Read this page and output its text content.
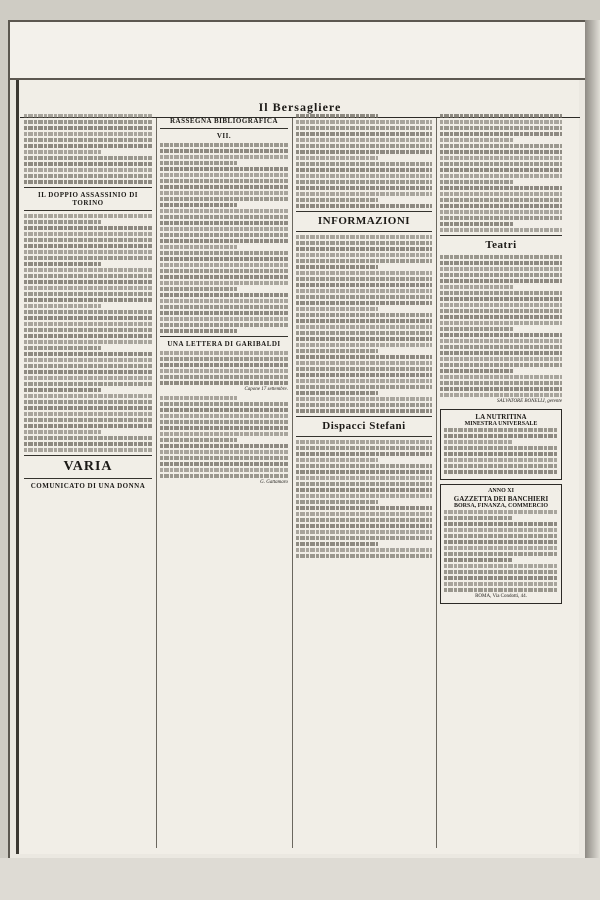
Il Bersagliere

IL DOPPIO ASSASSINIO DI TORINO

VARIA
COMUNICATO DI UNA DONNA
RASSEGNA BIBLIOGRAFICA
VII.

UNA LETTERA DI GARIBALDI

Capone 17 settembre.

G. Gattamaro

INFORMAZIONI

Dispacci Stefani

Teatri

SALVATORE BONELLI, gerente
LA NUTRITINA
MINESTRA UNIVERSALE

ANNO XI
GAZZETTA DEI BANCHIERI
BORSA, FINANZA, COMMERCIO

ROMA, Via Condotti, 44.
